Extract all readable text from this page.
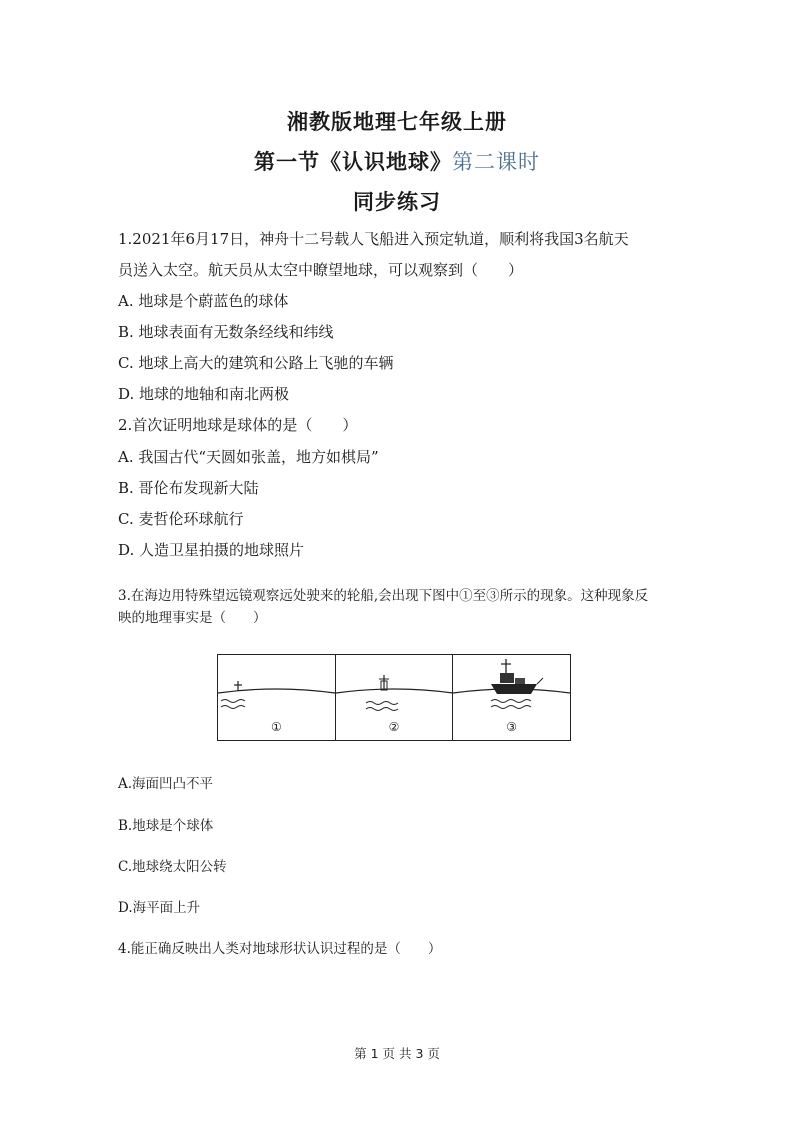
湘教版地理七年级上册
第一节《认识地球》第二课时
同步练习
1.2021年6月17日，神舟十二号载人飞船进入预定轨道，顺利将我国3名航天
员送入太空。航天员从太空中瞭望地球，可以观察到（　　）
A. 地球是个蔚蓝色的球体
B. 地球表面有无数条经线和纬线
C. 地球上高大的建筑和公路上飞驰的车辆
D. 地球的地轴和南北两极
2.首次证明地球是球体的是（　　）
A. 我国古代“天圆如张盖，地方如棋局”
B. 哥伦布发现新大陆
C. 麦哲伦环球航行
D. 人造卫星拍摄的地球照片
3.在海边用特殊望远镜观察远处驶来的轮船,会出现下图中①至③所示的现象。这种现象反
映的地理事实是（　　）
①	②	③
A.海面凹凸不平
B.地球是个球体
C.地球绕太阳公转
D.海平面上升
4.能正确反映出人类对地球形状认识过程的是（　　）
第 1 页 共 3 页
